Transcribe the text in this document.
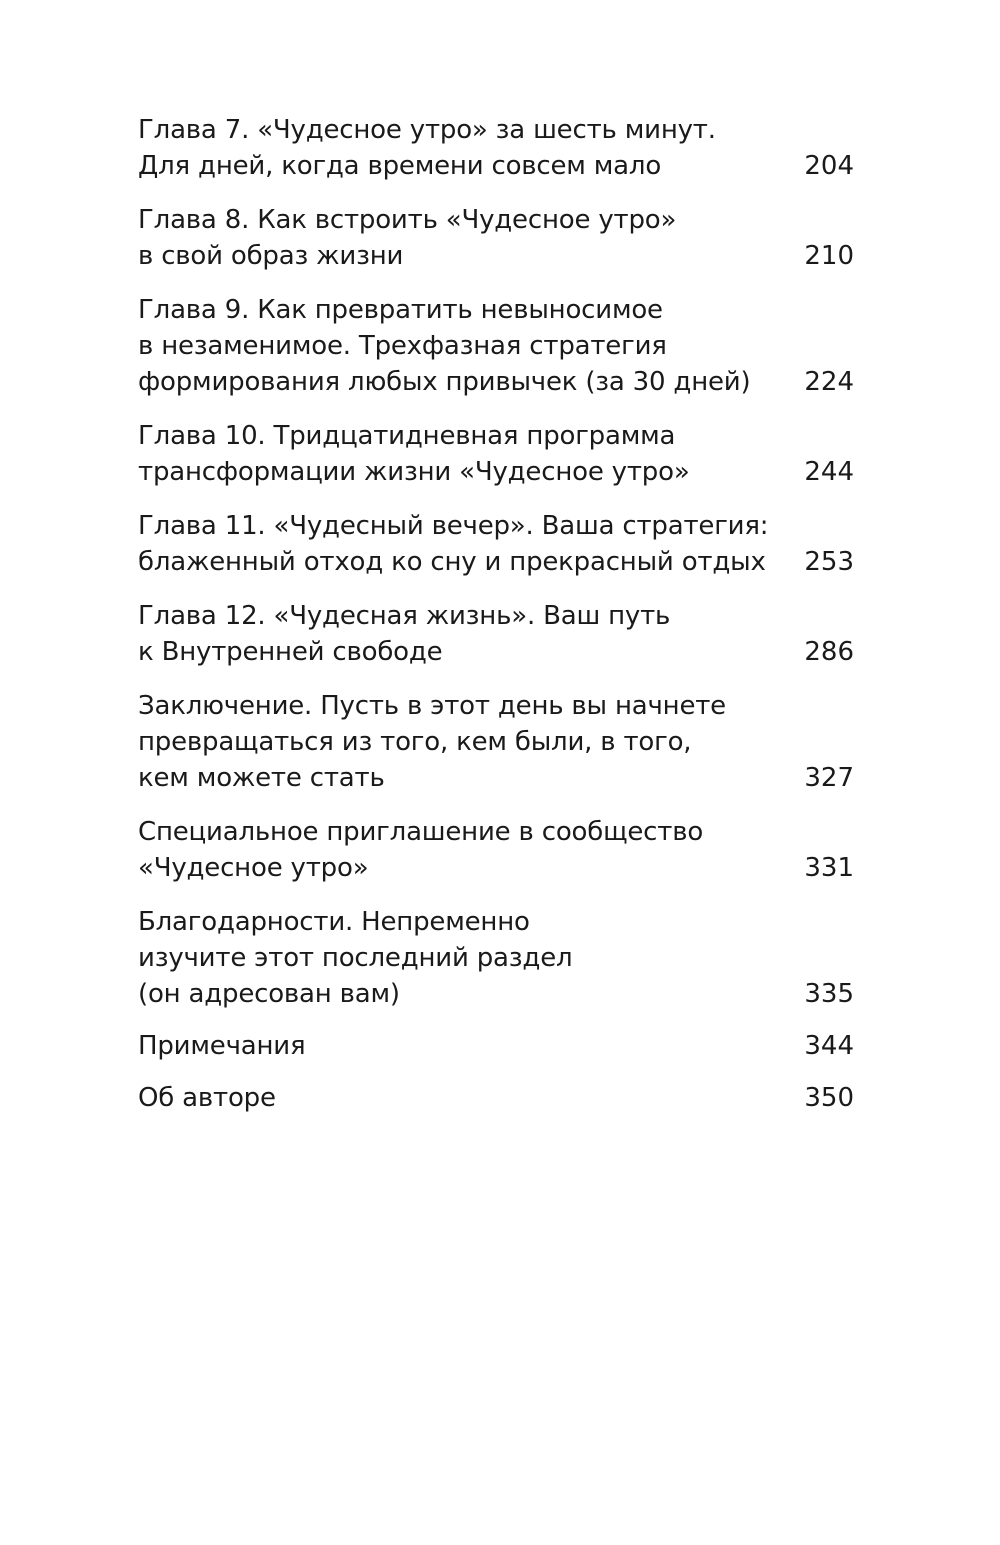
Глава 7. «Чудесное утро» за шесть минут.
Для дней, когда времени совсем мало	204
Глава 8. Как встроить «Чудесное утро»
в свой образ жизни	210
Глава 9. Как превратить невыносимое
в незаменимое. Трехфазная стратегия
формирования любых привычек (за 30 дней)	224
Глава 10. Тридцатидневная программа
трансформации жизни «Чудесное утро»	244
Глава 11. «Чудесный вечер». Ваша стратегия:
блаженный отход ко сну и прекрасный отдых	253
Глава 12. «Чудесная жизнь». Ваш путь
к Внутренней свободе	286
Заключение. Пусть в этот день вы начнете
превращаться из того, кем были, в того,
кем можете стать	327
Специальное приглашение в сообщество
«Чудесное утро»	331
Благодарности. Непременно
изучите этот последний раздел
(он адресован вам)	335
Примечания	344
Об авторе	350
